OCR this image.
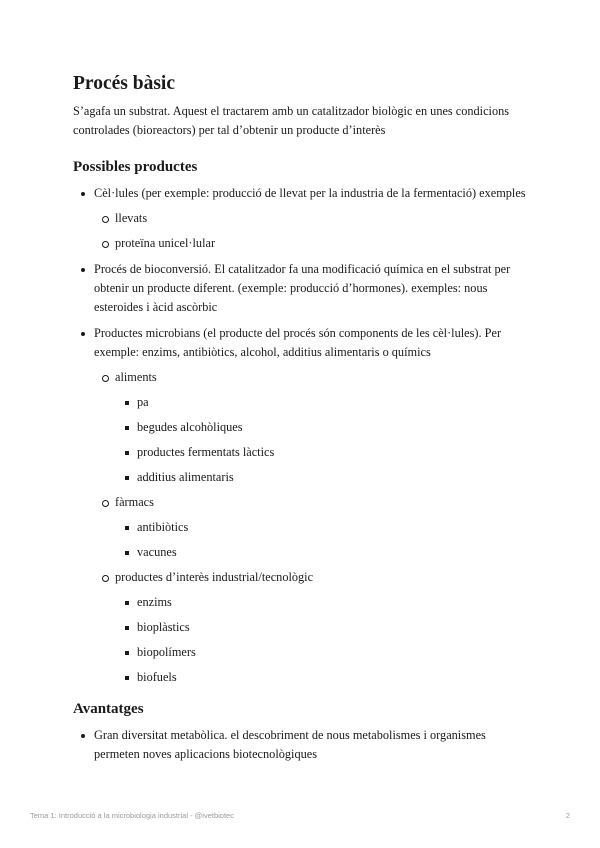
Procés bàsic

S’agafa un substrat. Aquest el tractarem amb un catalitzador biològic en unes condicions controlades (bioreactors) per tal d’obtenir un producte d’interès

Possibles productes
Cèl·lules (per exemple: producció de llevat per la industria de la fermentació) exemples
llevats
proteïna unicel·lular
Procés de bioconversió. El catalitzador fa una modificació química en el substrat per obtenir un producte diferent. (exemple: producció d’hormones). exemples: nous esteroides i àcid ascòrbic
Productes microbians (el producte del procés són components de les cèl·lules). Per exemple: enzims, antibiòtics, alcohol, additius alimentaris o químics
aliments
pa
begudes alcohòliques
productes fermentats làctics
additius alimentaris
fàrmacs
antibiòtics
vacunes
productes d’interès industrial/tecnològic
enzims
bioplàstics
biopolímers
biofuels
Avantatges
Gran diversitat metabòlica. el descobriment de nous metabolismes i organismes permeten noves aplicacions biotecnològiques
Tema 1: Introducció a la microbiologia industrial - @ivetbiotec	2
